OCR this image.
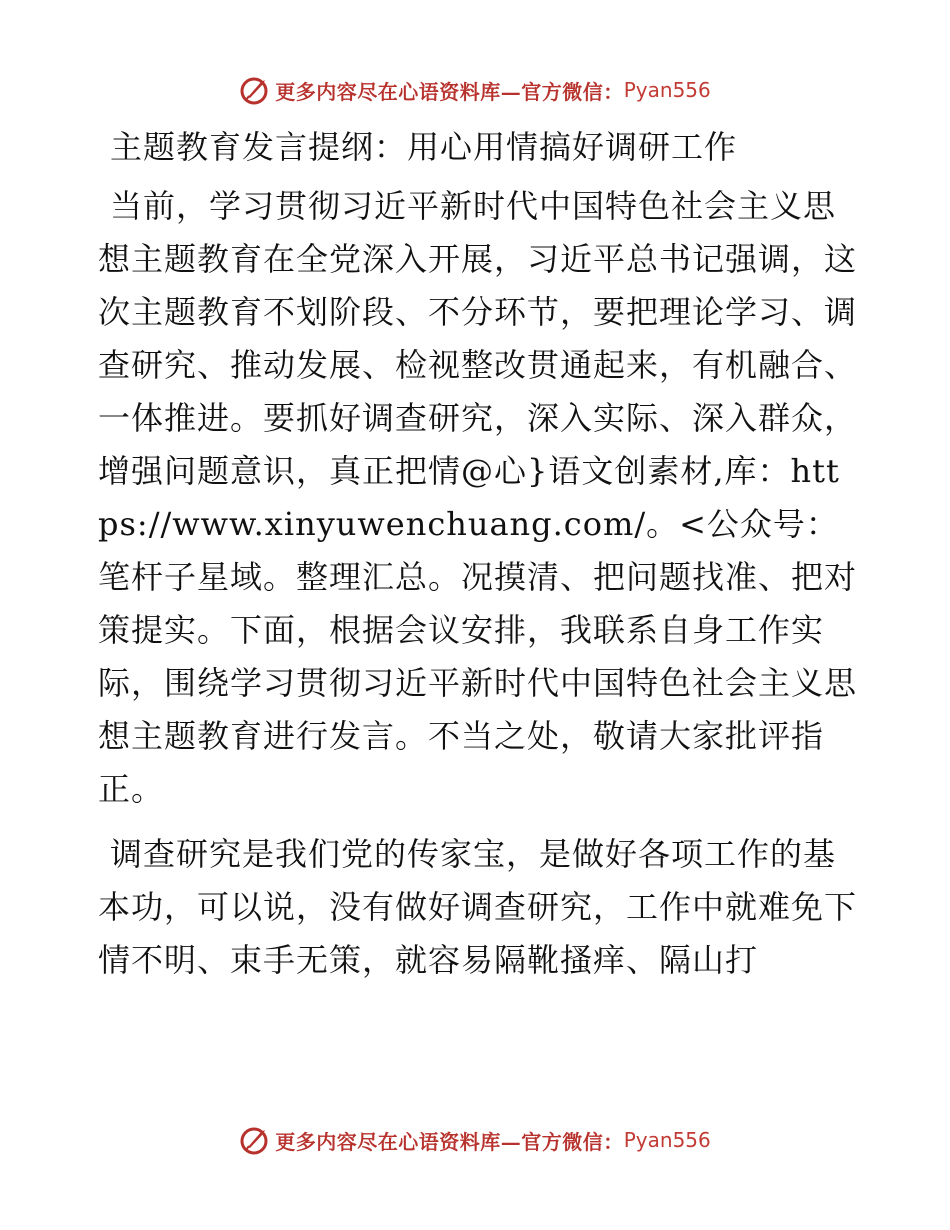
更多内容尽在心语资料库—官方微信： Pyan556
主题教育发言提纲：用心用情搞好调研工作

当前，学习贯彻习近平新时代中国特色社会主义思想主题教育在全党深入开展，习近平总书记强调，这次主题教育不划阶段、不分环节，要把理论学习、调查研究、推动发展、检视整改贯通起来，有机融合、一体推进。要抓好调查研究，深入实际、深入群众，增强问题意识，真正把情@心}语文创素材,库：https://www.xinyuwenchuang.com/。<公众号：笔杆子星域。整理汇总。况摸清、把问题找准、把对策提实。下面，根据会议安排，我联系自身工作实际，围绕学习贯彻习近平新时代中国特色社会主义思想主题教育进行发言。不当之处，敬请大家批评指正。

调查研究是我们党的传家宝，是做好各项工作的基本功，可以说，没有做好调查研究，工作中就难免下情不明、束手无策，就容易隔靴搔痒、隔山打

更多内容尽在心语资料库—官方微信： Pyan556
